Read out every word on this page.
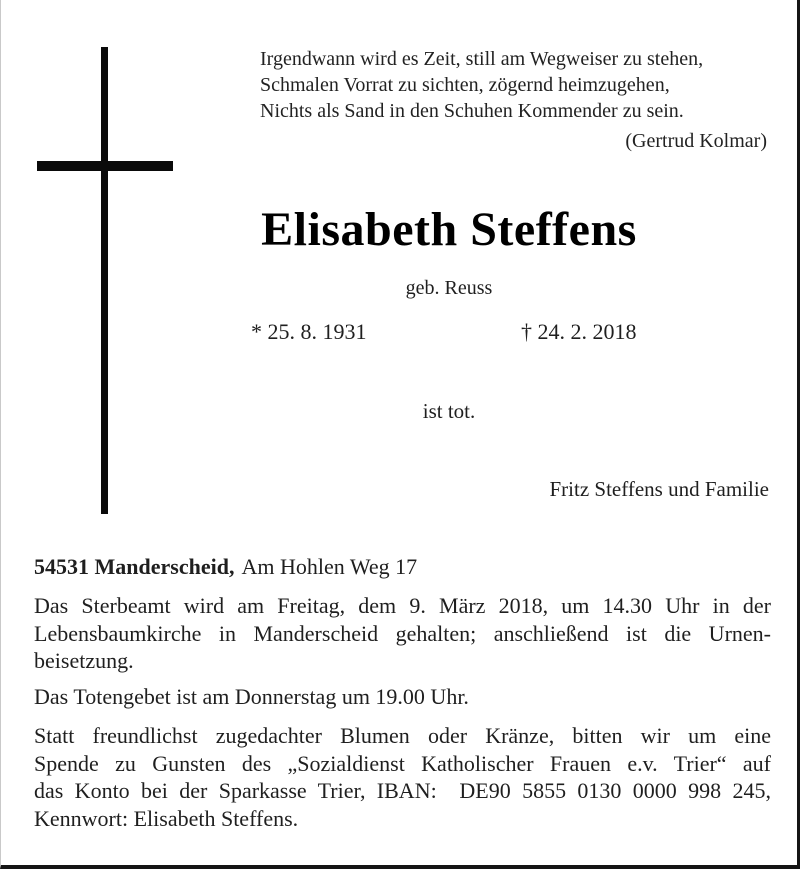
Irgendwann wird es Zeit, still am Wegweiser zu stehen,
Schmalen Vorrat zu sichten, zögernd heimzugehen,
Nichts als Sand in den Schuhen Kommender zu sein.
(Gertrud Kolmar)
Elisabeth Steffens
geb. Reuss
* 25. 8. 1931	† 24. 2. 2018
ist tot.
Fritz Steffens und Familie
54531 Manderscheid, Am Hohlen Weg 17
Das Sterbeamt wird am Freitag, dem 9. März 2018, um 14.30 Uhr in der
Lebensbaumkirche in Manderscheid gehalten; anschließend ist die Urnen-
beisetzung.
Das Totengebet ist am Donnerstag um 19.00 Uhr.
Statt freundlichst zugedachter Blumen oder Kränze, bitten wir um eine
Spende zu Gunsten des „Sozialdienst Katholischer Frauen e.v. Trier“ auf
das Konto bei der Sparkasse Trier, IBAN:  DE90 5855 0130 0000 998 245,
Kennwort: Elisabeth Steffens.
